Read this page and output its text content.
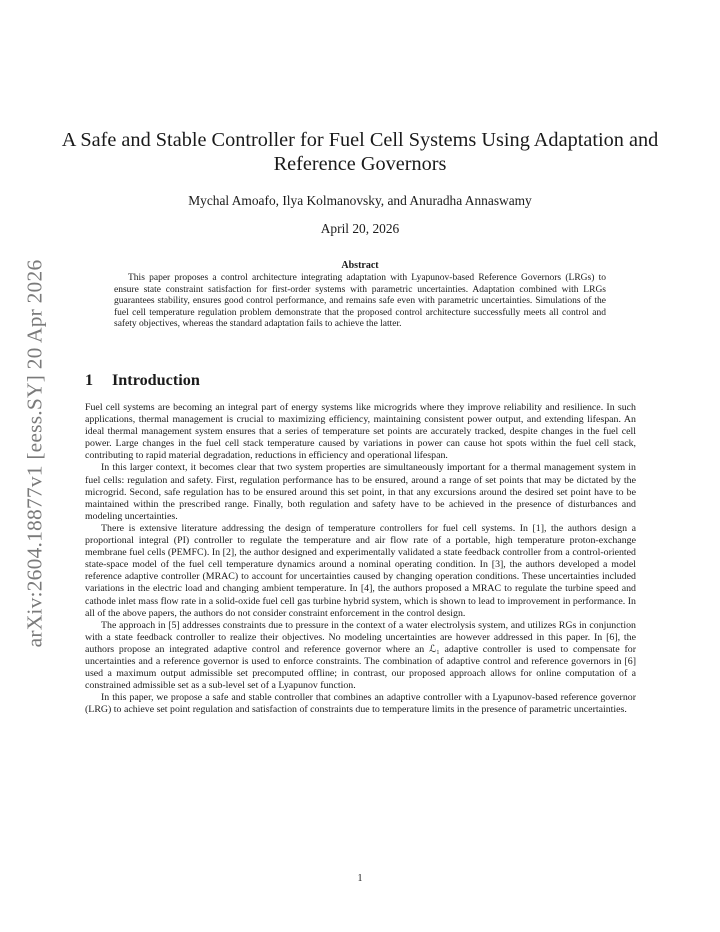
arXiv:2604.18877v1 [eess.SY] 20 Apr 2026
A Safe and Stable Controller for Fuel Cell Systems Using Adaptation and Reference Governors
Mychal Amoafo, Ilya Kolmanovsky, and Anuradha Annaswamy
April 20, 2026
Abstract

This paper proposes a control architecture integrating adaptation with Lyapunov-based Reference Governors (LRGs) to ensure state constraint satisfaction for first-order systems with parametric uncertainties. Adaptation combined with LRGs guarantees stability, ensures good control performance, and remains safe even with parametric uncertainties. Simulations of the fuel cell temperature regulation problem demonstrate that the proposed control architecture successfully meets all control and safety objectives, whereas the standard adaptation fails to achieve the latter.

1 Introduction

Fuel cell systems are becoming an integral part of energy systems like microgrids where they improve reliability and resilience. In such applications, thermal management is crucial to maximizing efficiency, maintaining consistent power output, and extending lifespan. An ideal thermal management system ensures that a series of temperature set points are accurately tracked, despite changes in the fuel cell power. Large changes in the fuel cell stack temperature caused by variations in power can cause hot spots within the fuel cell stack, contributing to rapid material degradation, reductions in efficiency and operational lifespan.

In this larger context, it becomes clear that two system properties are simultaneously important for a thermal management system in fuel cells: regulation and safety. First, regulation performance has to be ensured, around a range of set points that may be dictated by the microgrid. Second, safe regulation has to be ensured around this set point, in that any excursions around the desired set point have to be maintained within the prescribed range. Finally, both regulation and safety have to be achieved in the presence of disturbances and modeling uncertainties.

There is extensive literature addressing the design of temperature controllers for fuel cell systems. In [1], the authors design a proportional integral (PI) controller to regulate the temperature and air flow rate of a portable, high temperature proton-exchange membrane fuel cells (PEMFC). In [2], the author designed and experimentally validated a state feedback controller from a control-oriented state-space model of the fuel cell temperature dynamics around a nominal operating condition. In [3], the authors developed a model reference adaptive controller (MRAC) to account for uncertainties caused by changing operation conditions. These uncertainties included variations in the electric load and changing ambient temperature. In [4], the authors proposed a MRAC to regulate the turbine speed and cathode inlet mass flow rate in a solid-oxide fuel cell gas turbine hybrid system, which is shown to lead to improvement in performance. In all of the above papers, the authors do not consider constraint enforcement in the control design.

The approach in [5] addresses constraints due to pressure in the context of a water electrolysis system, and utilizes RGs in conjunction with a state feedback controller to realize their objectives. No modeling uncertainties are however addressed in this paper. In [6], the authors propose an integrated adaptive control and reference governor where an ℒ₁ adaptive controller is used to compensate for uncertainties and a reference governor is used to enforce constraints. The combination of adaptive control and reference governors in [6] used a maximum output admissible set precomputed offline; in contrast, our proposed approach allows for online computation of a constrained admissible set as a sub-level set of a Lyapunov function.

In this paper, we propose a safe and stable controller that combines an adaptive controller with a Lyapunov-based reference governor (LRG) to achieve set point regulation and satisfaction of constraints due to temperature limits in the presence of parametric uncertainties.

1
